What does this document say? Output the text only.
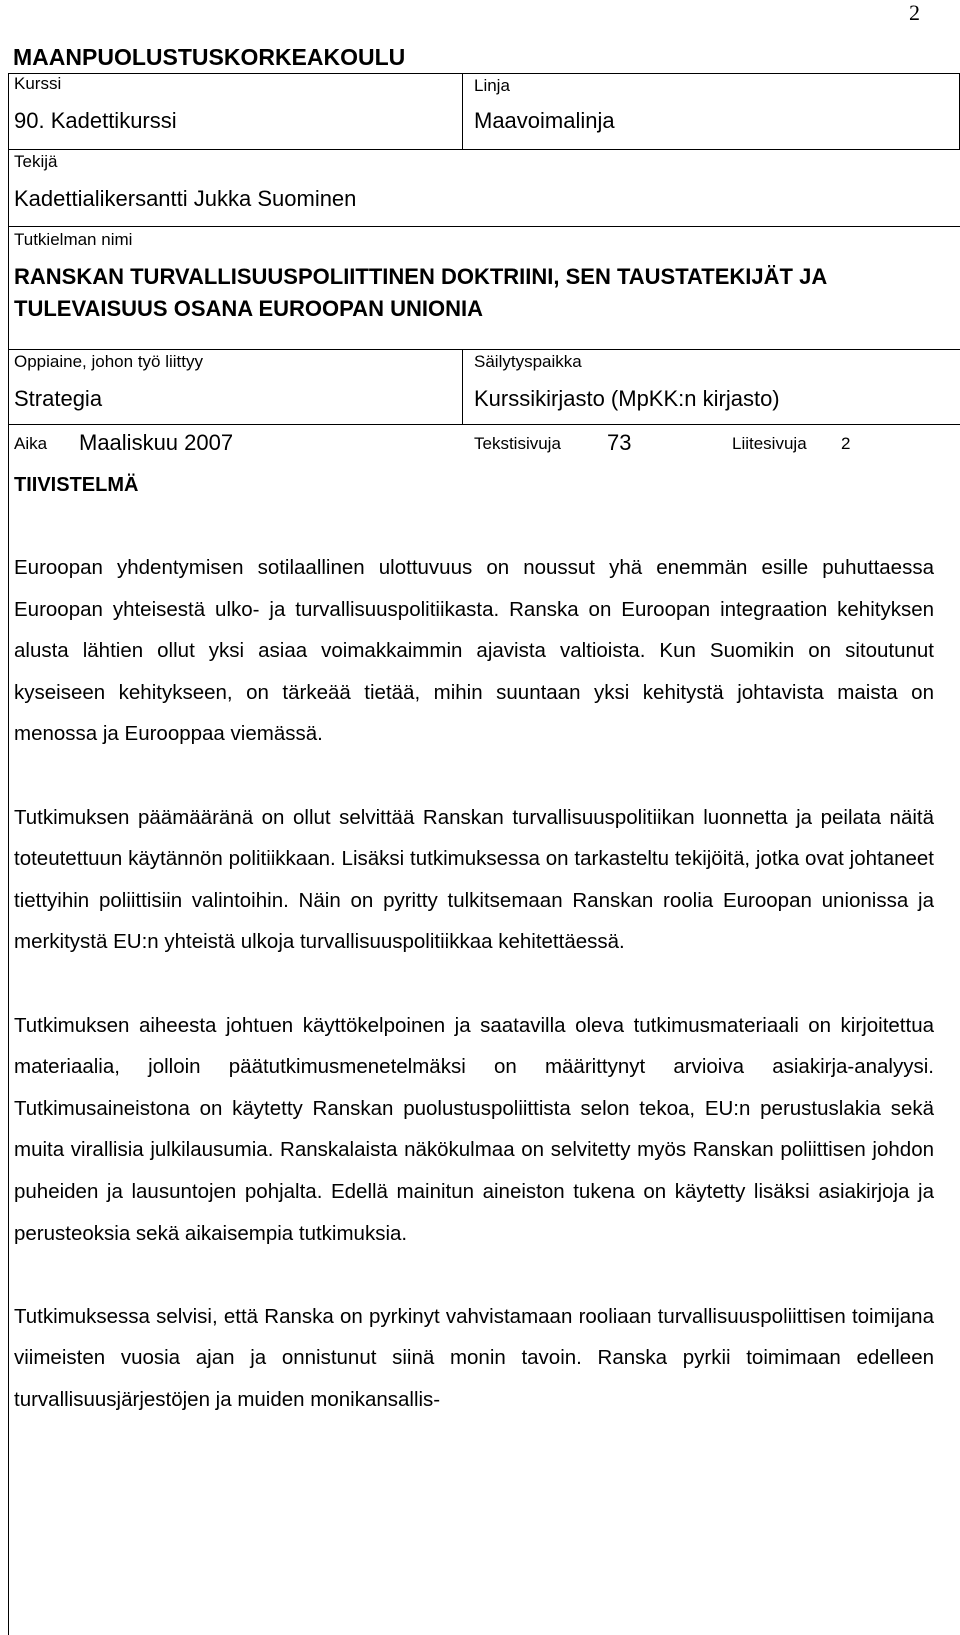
2
MAANPUOLUSTUSKORKEAKOULU
Kurssi
90. Kadettikurssi
Linja
Maavoimalinja
Tekijä
Kadettialikersantti Jukka Suominen
Tutkielman nimi
RANSKAN TURVALLISUUSPOLIITTINEN DOKTRIINI, SEN TAUSTATEKIJÄT JA TULEVAISUUS OSANA EUROOPAN UNIONIA
Oppiaine, johon työ liittyy
Strategia
Säilytyspaikka
Kurssikirjasto (MpKK:n kirjasto)
Aika Maaliskuu 2007	Tekstisivuja 73	Liitesivuja 2
TIIVISTELMÄ

Euroopan yhdentymisen sotilaallinen ulottuvuus on noussut yhä enemmän esille puhuttaessa Euroopan yhteisestä ulko- ja turvallisuuspolitiikasta. Ranska on Euroopan integraation kehityksen alusta lähtien ollut yksi asiaa voimakkaimmin ajavista valtioista. Kun Suomikin on sitoutunut kyseiseen kehitykseen, on tärkeää tietää, mihin suuntaan yksi kehitystä johtavista maista on menossa ja Eurooppaa viemässä.

Tutkimuksen päämääränä on ollut selvittää Ranskan turvallisuuspolitiikan luonnetta ja peilata näitä toteutettuun käytännön politiikkaan. Lisäksi tutkimuksessa on tarkasteltu tekijöitä, jotka ovat johtaneet tiettyihin poliittisiin valintoihin. Näin on pyritty tulkitsemaan Ranskan roolia Euroopan unionissa ja merkitystä EU:n yhteistä ulkoja turvallisuuspolitiikkaa kehitettäessä.

Tutkimuksen aiheesta johtuen käyttökelpoinen ja saatavilla oleva tutkimusmateriaali on kirjoitettua materiaalia, jolloin päätutkimusmenetelmäksi on määrittynyt arvioiva asiakirja-analyysi. Tutkimusaineistona on käytetty Ranskan puolustuspoliittista selon tekoa, EU:n perustuslakia sekä muita virallisia julkilausumia. Ranskalaista näkökulmaa on selvitetty myös Ranskan poliittisen johdon puheiden ja lausuntojen pohjalta. Edellä mainitun aineiston tukena on käytetty lisäksi asiakirjoja ja perusteoksia sekä aikaisempia tutkimuksia.

Tutkimuksessa selvisi, että Ranska on pyrkinyt vahvistamaan rooliaan turvallisuuspoliittisen toimijana viimeisten vuosia ajan ja onnistunut siinä monin tavoin. Ranska pyrkii toimimaan edelleen turvallisuusjärjestöjen ja muiden monikansallis-
